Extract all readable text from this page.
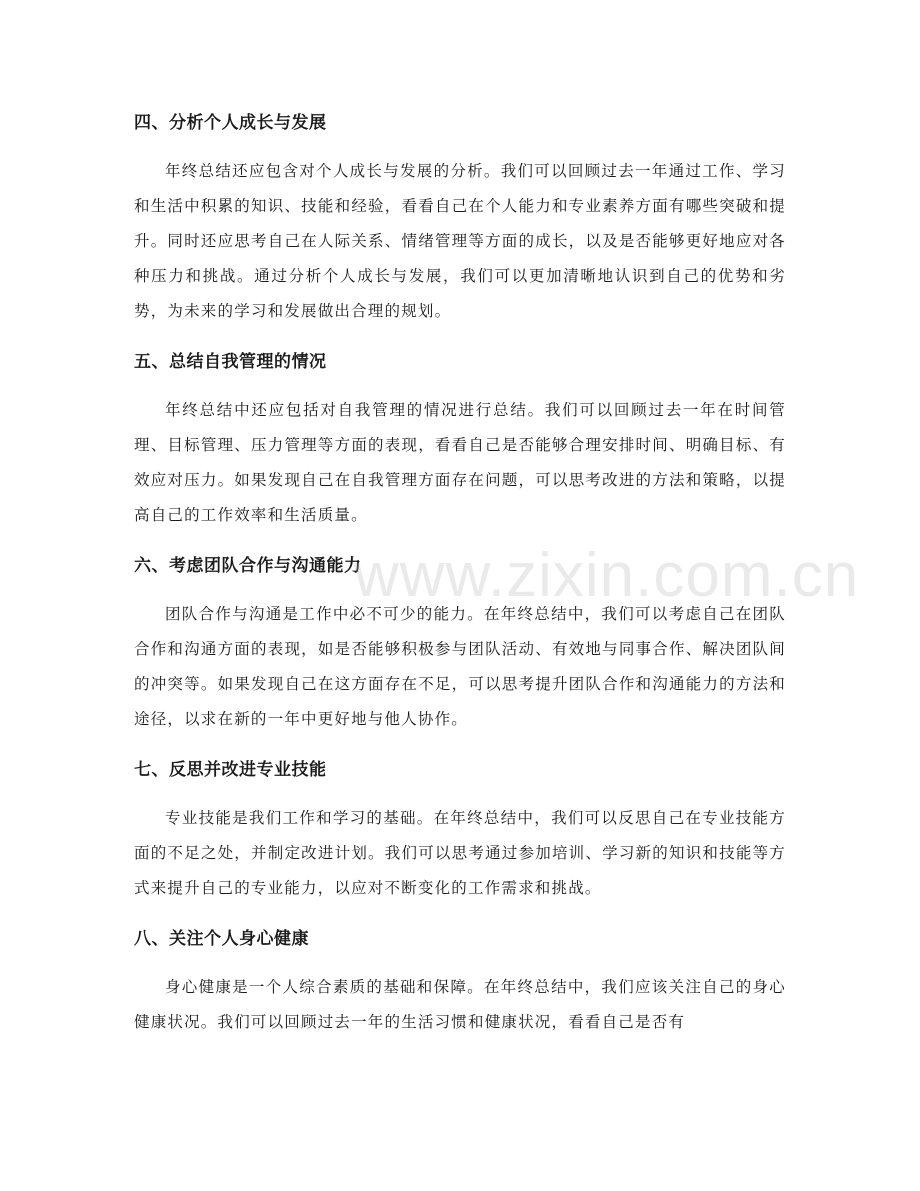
四、分析个人成长与发展

年终总结还应包含对个人成长与发展的分析。我们可以回顾过去一年通过工作、学习和生活中积累的知识、技能和经验，看看自己在个人能力和专业素养方面有哪些突破和提升。同时还应思考自己在人际关系、情绪管理等方面的成长，以及是否能够更好地应对各种压力和挑战。通过分析个人成长与发展，我们可以更加清晰地认识到自己的优势和劣势，为未来的学习和发展做出合理的规划。

五、总结自我管理的情况

年终总结中还应包括对自我管理的情况进行总结。我们可以回顾过去一年在时间管理、目标管理、压力管理等方面的表现，看看自己是否能够合理安排时间、明确目标、有效应对压力。如果发现自己在自我管理方面存在问题，可以思考改进的方法和策略，以提高自己的工作效率和生活质量。

六、考虑团队合作与沟通能力

团队合作与沟通是工作中必不可少的能力。在年终总结中，我们可以考虑自己在团队合作和沟通方面的表现，如是否能够积极参与团队活动、有效地与同事合作、解决团队间的冲突等。如果发现自己在这方面存在不足，可以思考提升团队合作和沟通能力的方法和途径，以求在新的一年中更好地与他人协作。

七、反思并改进专业技能

专业技能是我们工作和学习的基础。在年终总结中，我们可以反思自己在专业技能方面的不足之处，并制定改进计划。我们可以思考通过参加培训、学习新的知识和技能等方式来提升自己的专业能力，以应对不断变化的工作需求和挑战。

八、关注个人身心健康

身心健康是一个人综合素质的基础和保障。在年终总结中，我们应该关注自己的身心健康状况。我们可以回顾过去一年的生活习惯和健康状况，看看自己是否有

www.zixin.com.cn
